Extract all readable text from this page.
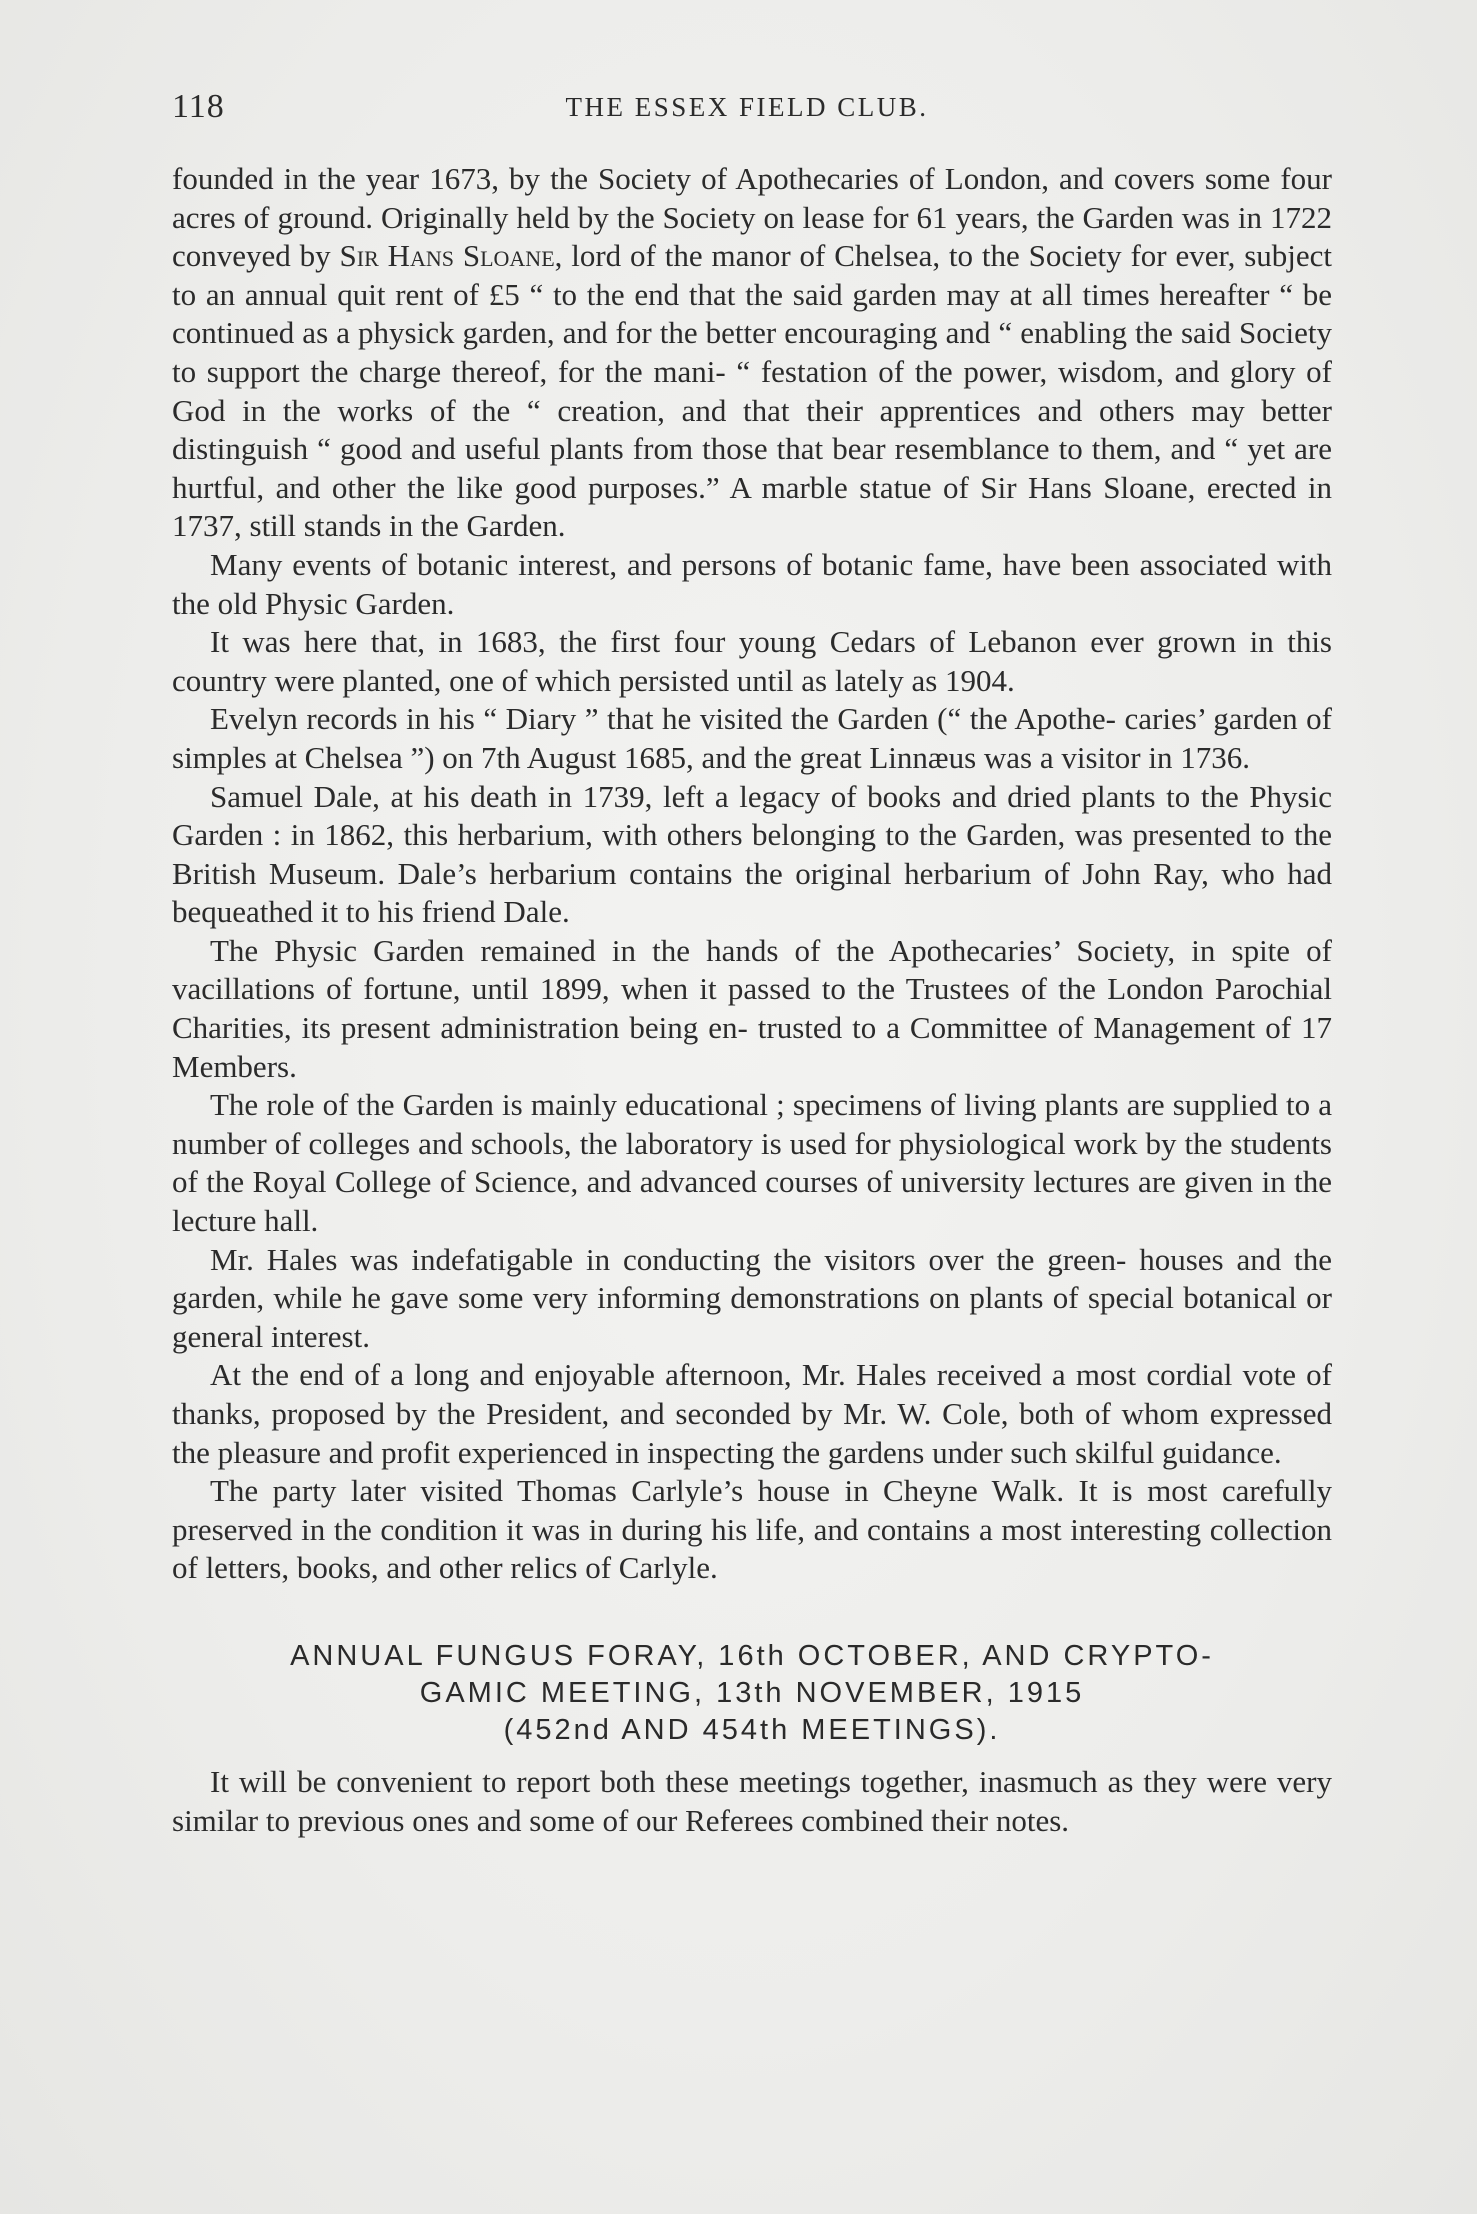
118	THE ESSEX FIELD CLUB.

founded in the year 1673, by the Society of Apothecaries of London, and covers some four acres of ground. Originally held by the Society on lease for 61 years, the Garden was in 1722 conveyed by Sir Hans Sloane, lord of the manor of Chelsea, to the Society for ever, subject to an annual quit rent of £5 “ to the end that the said garden may at all times hereafter “ be continued as a physick garden, and for the better encouraging and “ enabling the said Society to support the charge thereof, for the mani- “ festation of the power, wisdom, and glory of God in the works of the “ creation, and that their apprentices and others may better distinguish “ good and useful plants from those that bear resemblance to them, and “ yet are hurtful, and other the like good purposes.” A marble statue of Sir Hans Sloane, erected in 1737, still stands in the Garden.

Many events of botanic interest, and persons of botanic fame, have been associated with the old Physic Garden.

It was here that, in 1683, the first four young Cedars of Lebanon ever grown in this country were planted, one of which persisted until as lately as 1904.

Evelyn records in his “ Diary ” that he visited the Garden (“ the Apothe- caries’ garden of simples at Chelsea ”) on 7th August 1685, and the great Linnæus was a visitor in 1736.

Samuel Dale, at his death in 1739, left a legacy of books and dried plants to the Physic Garden : in 1862, this herbarium, with others belonging to the Garden, was presented to the British Museum. Dale’s herbarium contains the original herbarium of John Ray, who had bequeathed it to his friend Dale.

The Physic Garden remained in the hands of the Apothecaries’ Society, in spite of vacillations of fortune, until 1899, when it passed to the Trustees of the London Parochial Charities, its present administration being en- trusted to a Committee of Management of 17 Members.

The role of the Garden is mainly educational ; specimens of living plants are supplied to a number of colleges and schools, the laboratory is used for physiological work by the students of the Royal College of Science, and advanced courses of university lectures are given in the lecture hall.

Mr. Hales was indefatigable in conducting the visitors over the green- houses and the garden, while he gave some very informing demonstrations on plants of special botanical or general interest.

At the end of a long and enjoyable afternoon, Mr. Hales received a most cordial vote of thanks, proposed by the President, and seconded by Mr. W. Cole, both of whom expressed the pleasure and profit experienced in inspecting the gardens under such skilful guidance.

The party later visited Thomas Carlyle’s house in Cheyne Walk. It is most carefully preserved in the condition it was in during his life, and contains a most interesting collection of letters, books, and other relics of Carlyle.

ANNUAL FUNGUS FORAY, 16th OCTOBER, AND CRYPTO-
GAMIC MEETING, 13th NOVEMBER, 1915
(452nd AND 454th MEETINGS).

It will be convenient to report both these meetings together, inasmuch as they were very similar to previous ones and some of our Referees combined their notes.
